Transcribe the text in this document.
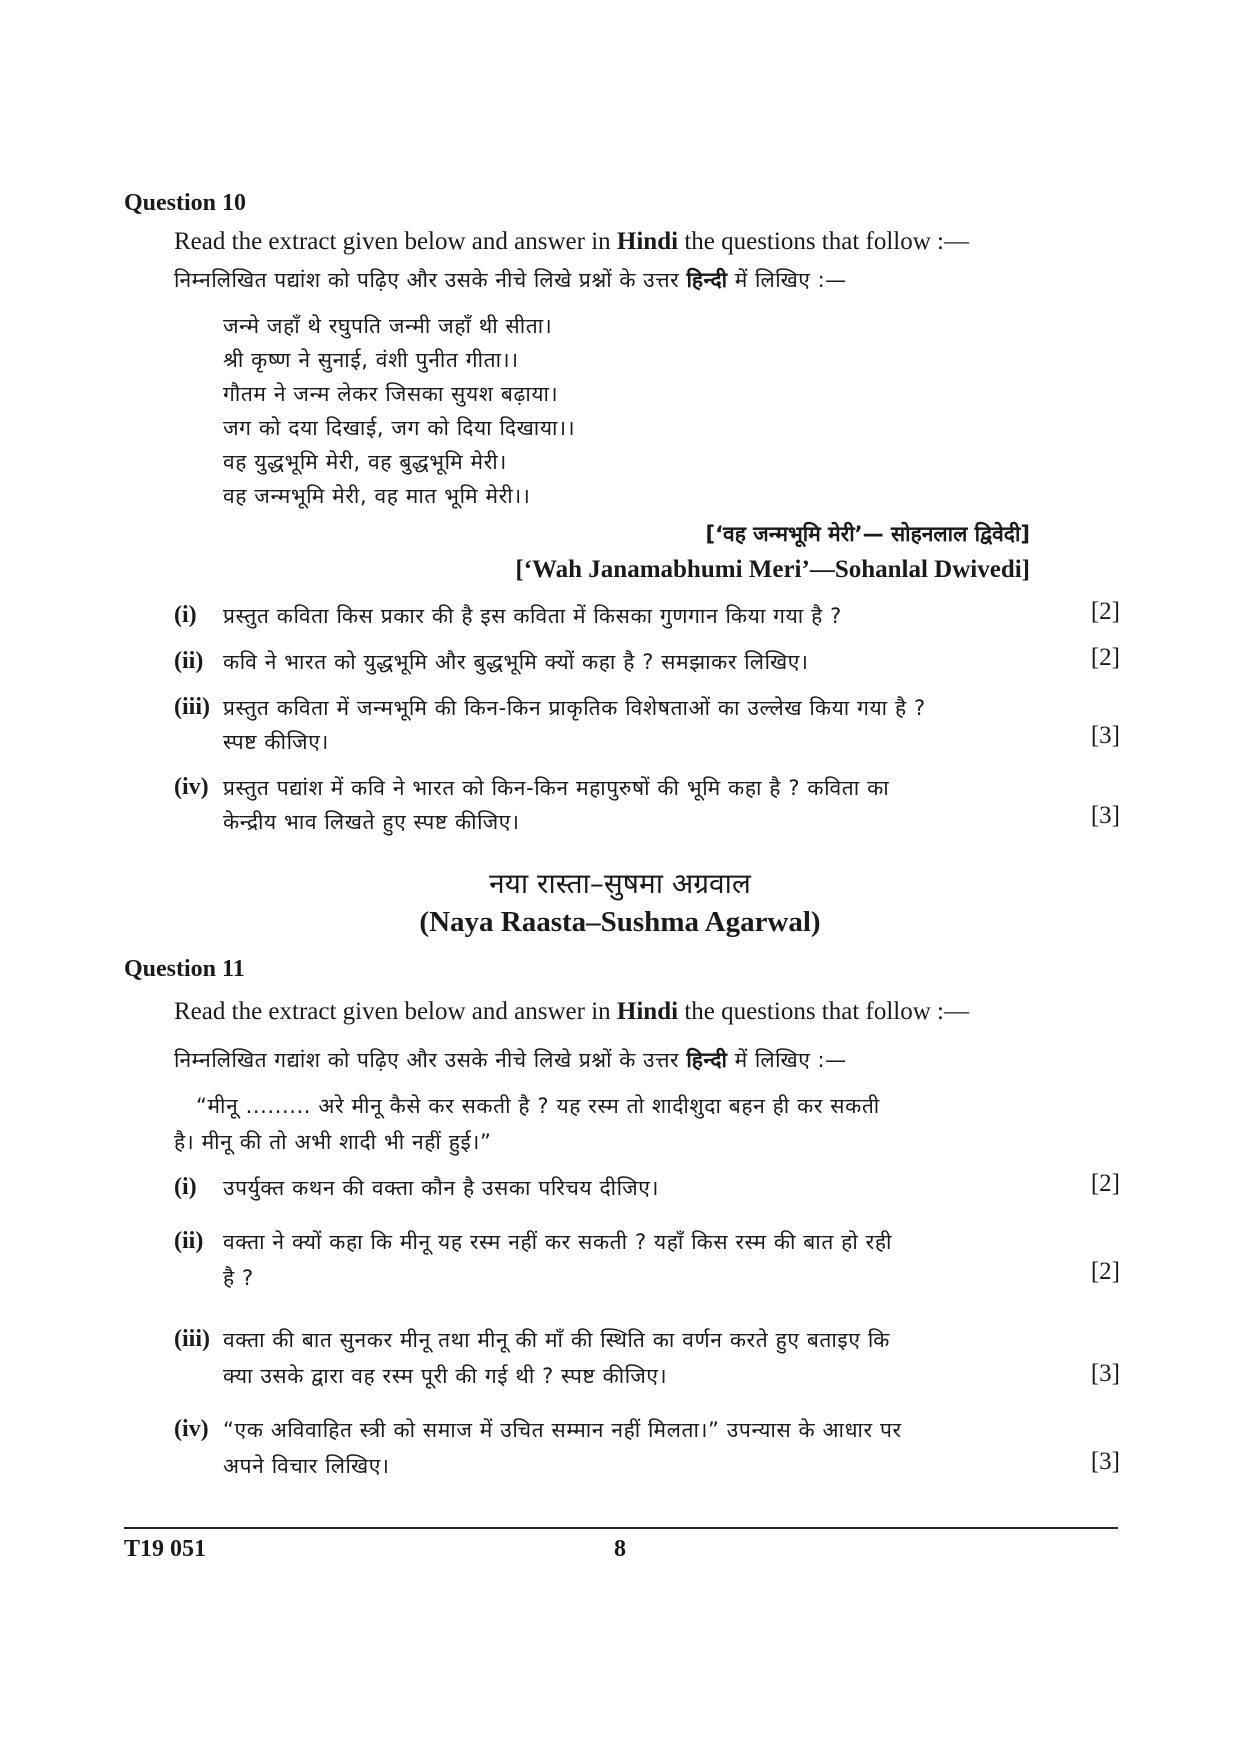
Question 10
Read the extract given below and answer in Hindi the questions that follow :—
निम्नलिखित पद्यांश को पढ़िए और उसके नीचे लिखे प्रश्नों के उत्तर हिन्दी में लिखिए :—
जन्मे जहाँ थे रघुपति जन्मी जहाँ थी सीता।
श्री कृष्ण ने सुनाई, वंशी पुनीत गीता।।
गौतम ने जन्म लेकर जिसका सुयश बढ़ाया।
जग को दया दिखाई, जग को दिया दिखाया।।
वह युद्धभूमि मेरी, वह बुद्धभूमि मेरी।
वह जन्मभूमि मेरी, वह मात भूमि मेरी।।
[‘वह जन्मभूमि मेरी’— सोहनलाल द्विवेदी]
[‘Wah Janamabhumi Meri’—Sohanlal Dwivedi]
(i) प्रस्तुत कविता किस प्रकार की है इस कविता में किसका गुणगान किया गया है ?	[2]
(ii) कवि ने भारत को युद्धभूमि और बुद्धभूमि क्यों कहा है ? समझाकर लिखिए।	[2]
(iii) प्रस्तुत कविता में जन्मभूमि की किन-किन प्राकृतिक विशेषताओं का उल्लेख किया गया है ?
स्पष्ट कीजिए।	[3]
(iv) प्रस्तुत पद्यांश में कवि ने भारत को किन-किन महापुरुषों की भूमि कहा है ? कविता का
केन्द्रीय भाव लिखते हुए स्पष्ट कीजिए।	[3]
नया रास्ता–सुषमा अग्रवाल
(Naya Raasta–Sushma Agarwal)
Question 11
Read the extract given below and answer in Hindi the questions that follow :—
निम्नलिखित गद्यांश को पढ़िए और उसके नीचे लिखे प्रश्नों के उत्तर हिन्दी में लिखिए :—
“मीनू ......... अरे मीनू कैसे कर सकती है ? यह रस्म तो शादीशुदा बहन ही कर सकती
है। मीनू की तो अभी शादी भी नहीं हुई।”
(i) उपर्युक्त कथन की वक्ता कौन है उसका परिचय दीजिए।	[2]
(ii) वक्ता ने क्यों कहा कि मीनू यह रस्म नहीं कर सकती ? यहाँ किस रस्म की बात हो रही
है ?	[2]
(iii) वक्ता की बात सुनकर मीनू तथा मीनू की माँ की स्थिति का वर्णन करते हुए बताइए कि
क्या उसके द्वारा वह रस्म पूरी की गई थी ? स्पष्ट कीजिए।	[3]
(iv) “एक अविवाहित स्त्री को समाज में उचित सम्मान नहीं मिलता।” उपन्यास के आधार पर
अपने विचार लिखिए।	[3]
T19 051	8
